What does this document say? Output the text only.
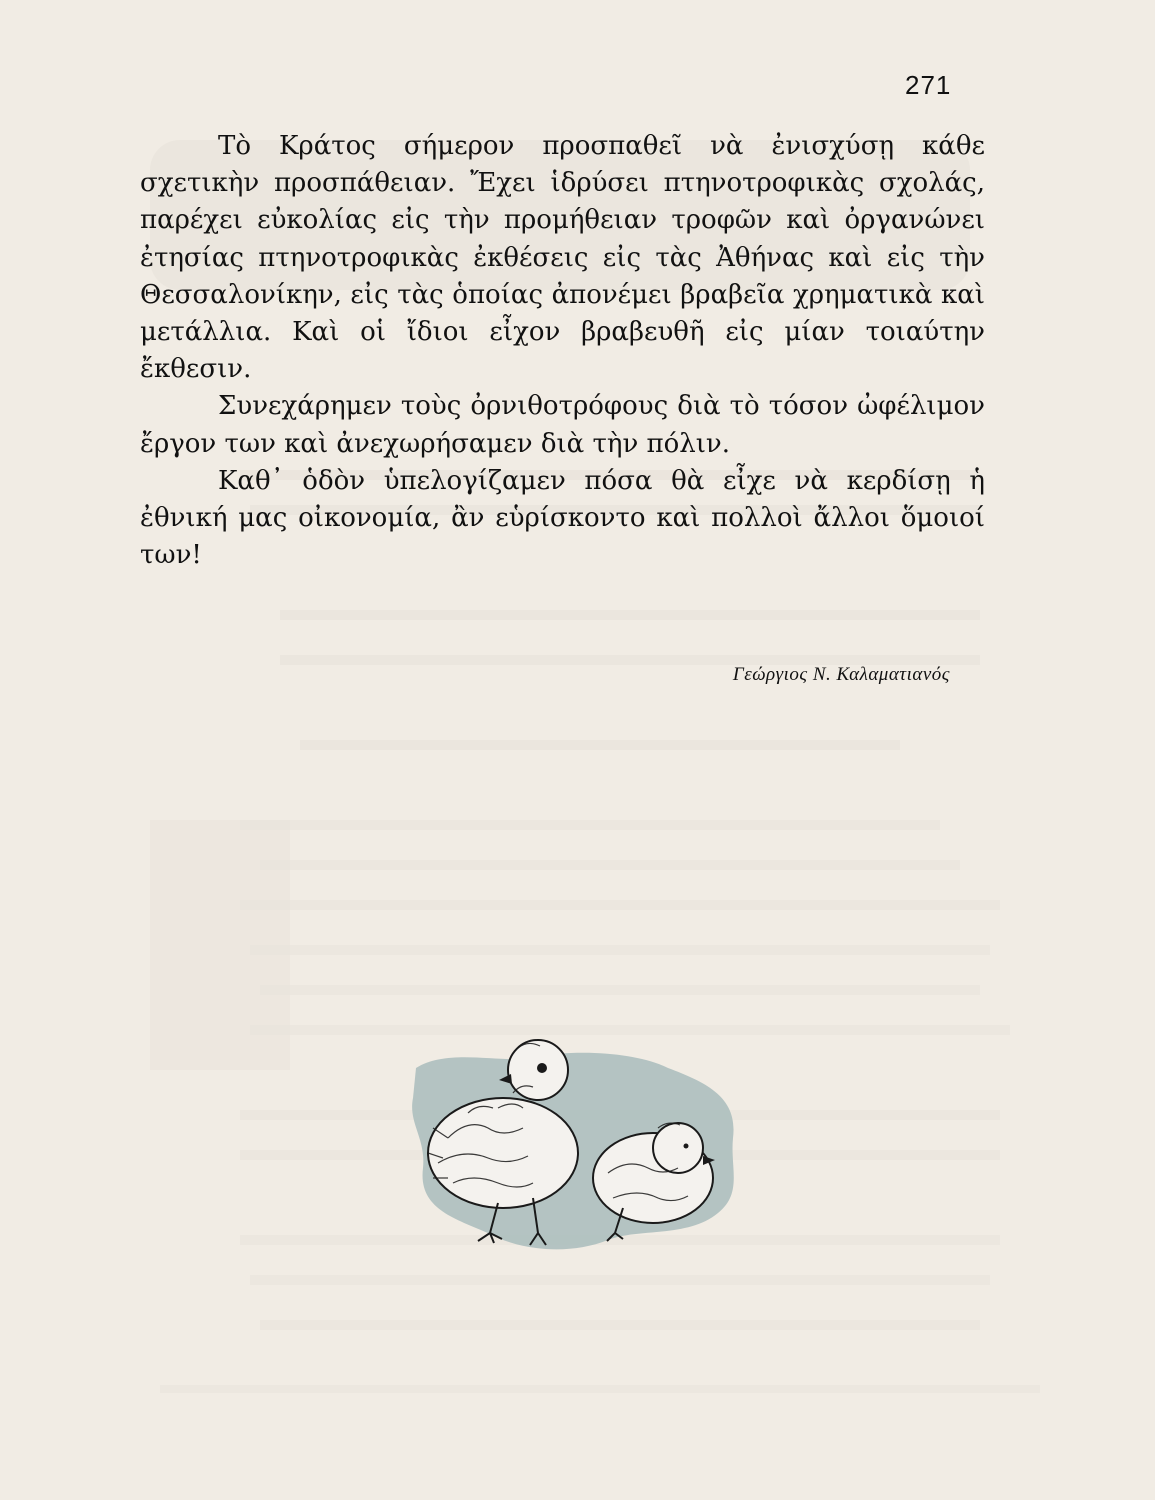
271

Τὸ Κράτος σήμερον προσπαθεῖ νὰ ἐνισχύσῃ κάθε σχετικὴν προσπάθειαν. Ἔχει ἱδρύσει πτηνοτροφικὰς σχολάς, παρέχει εὐκολίας εἰς τὴν προμήθειαν τροφῶν καὶ ὀργανώνει ἐτησίας πτηνοτροφικὰς ἐκθέσεις εἰς τὰς Ἀθήνας καὶ εἰς τὴν Θεσσαλονίκην, εἰς τὰς ὁποίας ἀπονέμει βραβεῖα χρηματικὰ καὶ μετάλλια. Καὶ οἱ ἴδιοι εἶχον βραβευθῆ εἰς μίαν τοιαύτην ἔκθεσιν.

Συνεχάρημεν τοὺς ὀρνιθοτρόφους διὰ τὸ τόσον ὠφέλιμον ἔργον των καὶ ἀνεχωρήσαμεν διὰ τὴν πόλιν.

Καθ᾽ ὁδὸν ὑπελογίζαμεν πόσα θὰ εἶχε νὰ κερδίσῃ ἡ ἐθνική μας οἰκονομία, ἂν εὑρίσκοντο καὶ πολλοὶ ἄλλοι ὅμοιοί των!

Γεώργιος Ν. Καλαματιανός
